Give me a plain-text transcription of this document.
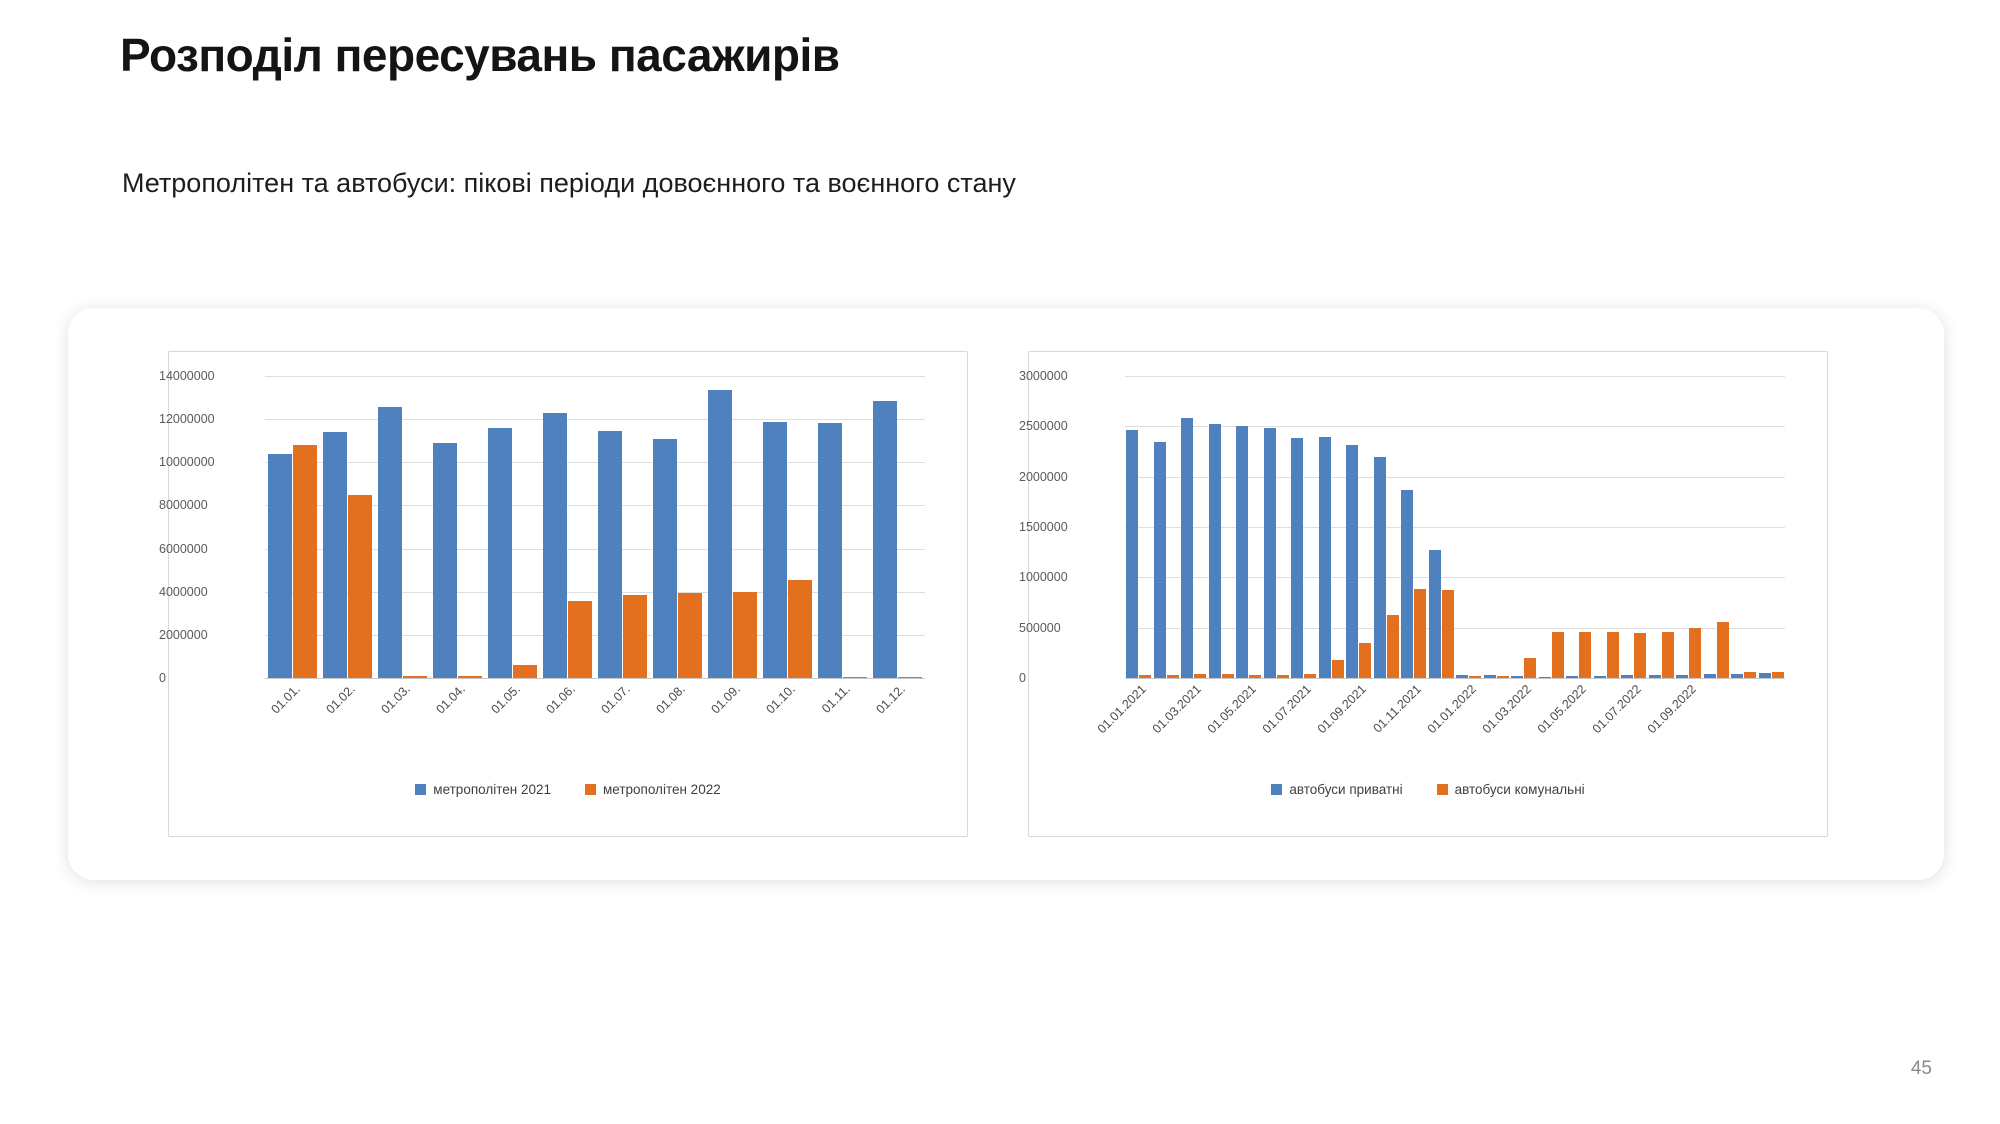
Розподіл пересувань пасажирів
Метрополітен та автобуси: пікові періоди довоєнного та воєнного стану
0
2000000
4000000
6000000
8000000
10000000
12000000
14000000
01.01. 01.02. 01.03. 01.04. 01.05. 01.06. 01.07. 01.08. 01.09. 01.10. 01.11. 01.12.
метрополітен 2021	метрополітен 2022
0
500000
1000000
1500000
2000000
2500000
3000000
01.01.2021 01.03.2021 01.05.2021 01.07.2021 01.09.2021 01.11.2021 01.01.2022 01.03.2022 01.05.2022 01.07.2022 01.09.2022
автобуси приватні	автобуси комунальні
45
